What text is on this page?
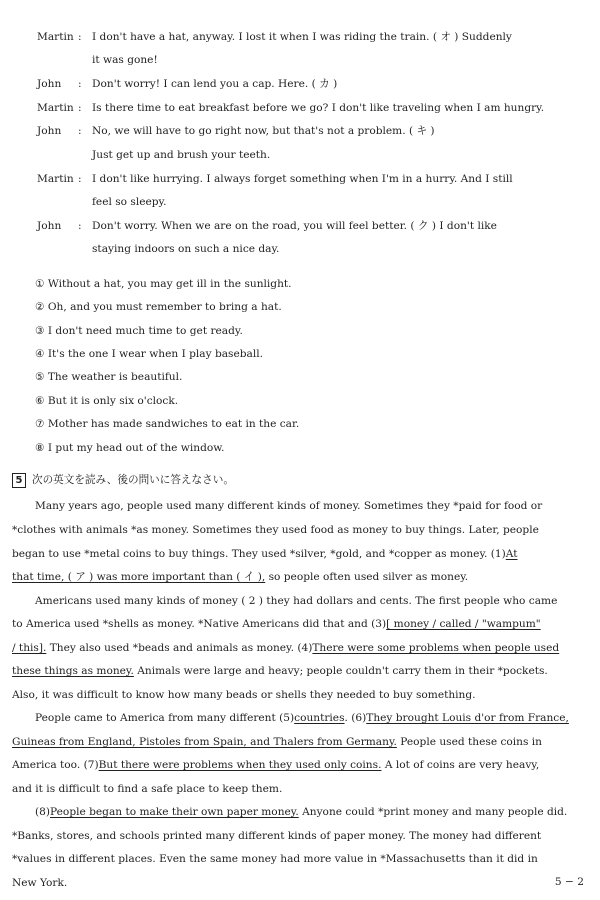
Martin : I don't have a hat, anyway. I lost it when I was riding the train. ( オ ) Suddenly
it was gone!
John : Don't worry! I can lend you a cap. Here. ( カ )
Martin : Is there time to eat breakfast before we go? I don't like traveling when I am hungry.
John : No, we will have to go right now, but that's not a problem. ( キ )
Just get up and brush your teeth.
Martin : I don't like hurrying. I always forget something when I'm in a hurry. And I still
feel so sleepy.
John : Don't worry. When we are on the road, you will feel better. ( ク ) I don't like
staying indoors on such a nice day.
① Without a hat, you may get ill in the sunlight.
② Oh, and you must remember to bring a hat.
③ I don't need much time to get ready.
④ It's the one I wear when I play baseball.
⑤ The weather is beautiful.
⑥ But it is only six o'clock.
⑦ Mother has made sandwiches to eat in the car.
⑧ I put my head out of the window.
5 次の英文を読み、後の問いに答えなさい。
Many years ago, people used many different kinds of money. Sometimes they *paid for food or
*clothes with animals *as money. Sometimes they used food as money to buy things. Later, people
began to use *metal coins to buy things. They used *silver, *gold, and *copper as money. (1)At
that time, ( ア ) was more important than ( イ ), so people often used silver as money.
Americans used many kinds of money ( 2 ) they had dollars and cents. The first people who came
to America used *shells as money. *Native Americans did that and (3)[ money / called / "wampum"
/ this]. They also used *beads and animals as money. (4)There were some problems when people used
these things as money. Animals were large and heavy; people couldn't carry them in their *pockets.
Also, it was difficult to know how many beads or shells they needed to buy something.
People came to America from many different (5)countries. (6)They brought Louis d'or from France,
Guineas from England, Pistoles from Spain, and Thalers from Germany. People used these coins in
America too. (7)But there were problems when they used only coins. A lot of coins are very heavy,
and it is difficult to find a safe place to keep them.
(8)People began to make their own paper money. Anyone could *print money and many people did.
*Banks, stores, and schools printed many different kinds of paper money. The money had different
*values in different places. Even the same money had more value in *Massachusetts than it did in
New York.	5 − 2
